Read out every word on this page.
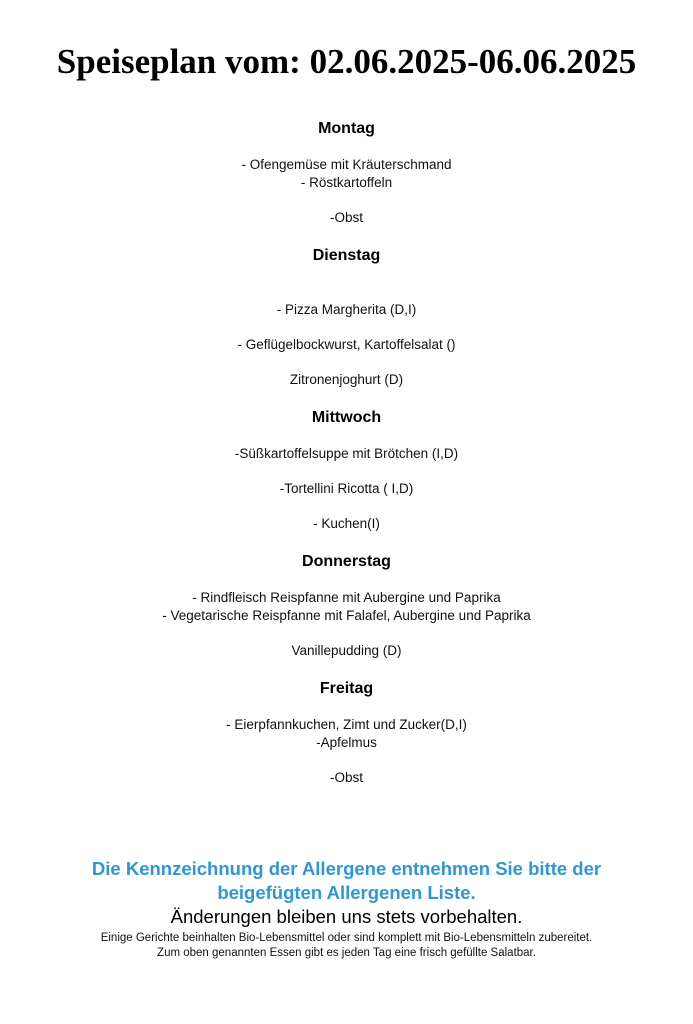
Speiseplan vom: 02.06.2025-06.06.2025
Montag
- Ofengemüse mit Kräuterschmand
- Röstkartoffeln
-Obst
Dienstag
- Pizza Margherita (D,I)
- Geflügelbockwurst, Kartoffelsalat ()
Zitronenjoghurt (D)
Mittwoch
-Süßkartoffelsuppe mit Brötchen (I,D)
-Tortellini Ricotta ( I,D)
- Kuchen(I)
Donnerstag
- Rindfleisch Reispfanne mit Aubergine und Paprika
- Vegetarische Reispfanne mit Falafel, Aubergine und Paprika
Vanillepudding (D)
Freitag
- Eierpfannkuchen, Zimt und Zucker(D,I)
-Apfelmus
-Obst
Die Kennzeichnung der Allergene entnehmen Sie bitte der
beigefügten Allergenen Liste.
Änderungen bleiben uns stets vorbehalten.
Einige Gerichte beinhalten Bio-Lebensmittel oder sind komplett mit Bio-Lebensmitteln zubereitet.
Zum oben genannten Essen gibt es jeden Tag eine frisch gefüllte Salatbar.
